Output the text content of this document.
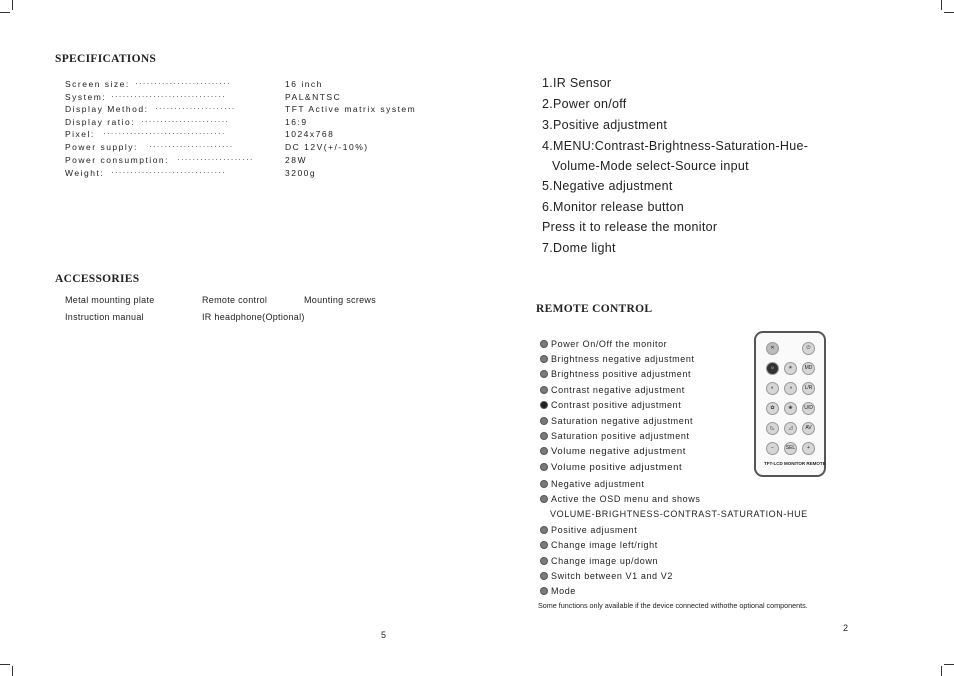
SPECIFICATIONS
Screen size: ·························	16 inch
System: ······························	PAL&NTSC
Display Method: ·····················	TFT Active matrix system
Display ratio: ·······················	16:9
Pixel: ································	1024x768
Power supply: ······················	DC 12V(+/-10%)
Power consumption: ····················	28W
Weight: ······························	3200g
ACCESSORIES
Metal mounting plate	Remote control	Mounting screws
Instruction manual	IR headphone(Optional)
5
1.IR Sensor
2.Power on/off
3.Positive adjustment
4.MENU:Contrast-Brightness-Saturation-Hue-
Volume-Mode select-Source input
5.Negative adjustment
6.Monitor release button
Press it to release the monitor
7.Dome light
REMOTE CONTROL
Power On/Off the monitor
Brightness negative adjustment
Brightness positive adjustment
Contrast negative adjustment
Contrast positive adjustment
Saturation negative adjustment
Saturation positive adjustment
Volume negative adjustment
Volume positive adjustment
Negative adjustment
Active the OSD menu and shows
VOLUME-BRIGHTNESS-CONTRAST-SATURATION-HUE
Positive adjusment
Change image left/right
Change image up/down
Switch between V1 and V2
Mode
Some functions only available if the device connected withothe optional components.
✕	⏻
☼	☀	MD
◐	◑	L/R
✿	❀	U/D
◺	◿	AV
−	SEL	+
TFT-LCD MONITOR REMOTE
2
